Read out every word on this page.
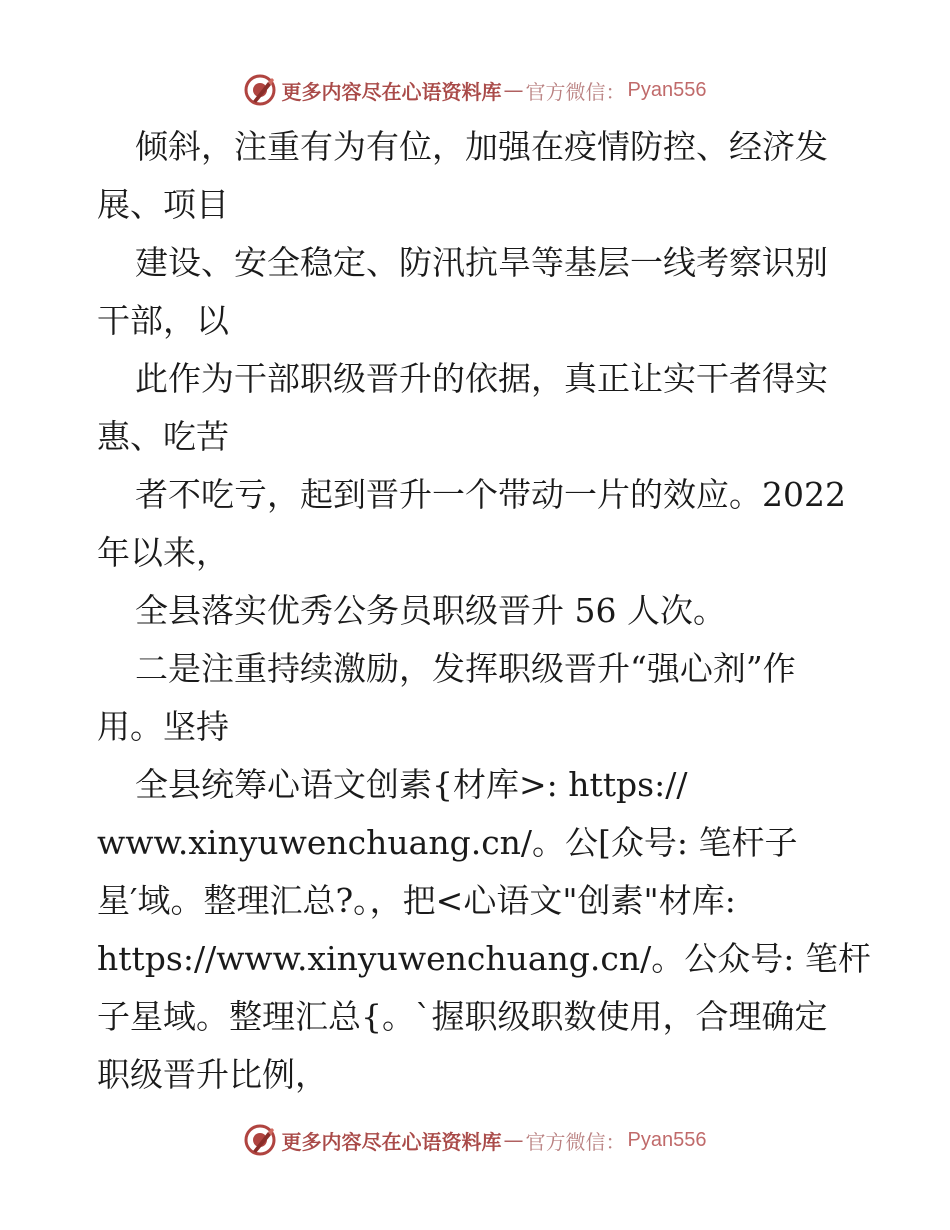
更多内容尽在心语资料库 — 官方微信： Pyan556
倾斜，注重有为有位，加强在疫情防控、经济发
展、项目
建设、安全稳定、防汛抗旱等基层一线考察识别
干部，以
此作为干部职级晋升的依据，真正让实干者得实
惠、吃苦
者不吃亏，起到晋升一个带动一片的效应。2022
年以来，
全县落实优秀公务员职级晋升 56 人次。
二是注重持续激励，发挥职级晋升“强心剂”作
用。坚持
全县统筹心语文创素{材库>: https://
www.xinyuwenchuang.cn/。公[众号: 笔杆子
星′域。整理汇总?。，把<心语文"创素"材库:
https://www.xinyuwenchuang.cn/。公众号: 笔杆
子星域。整理汇总{。`握职级职数使用，合理确定
职级晋升比例，
更多内容尽在心语资料库 — 官方微信： Pyan556
